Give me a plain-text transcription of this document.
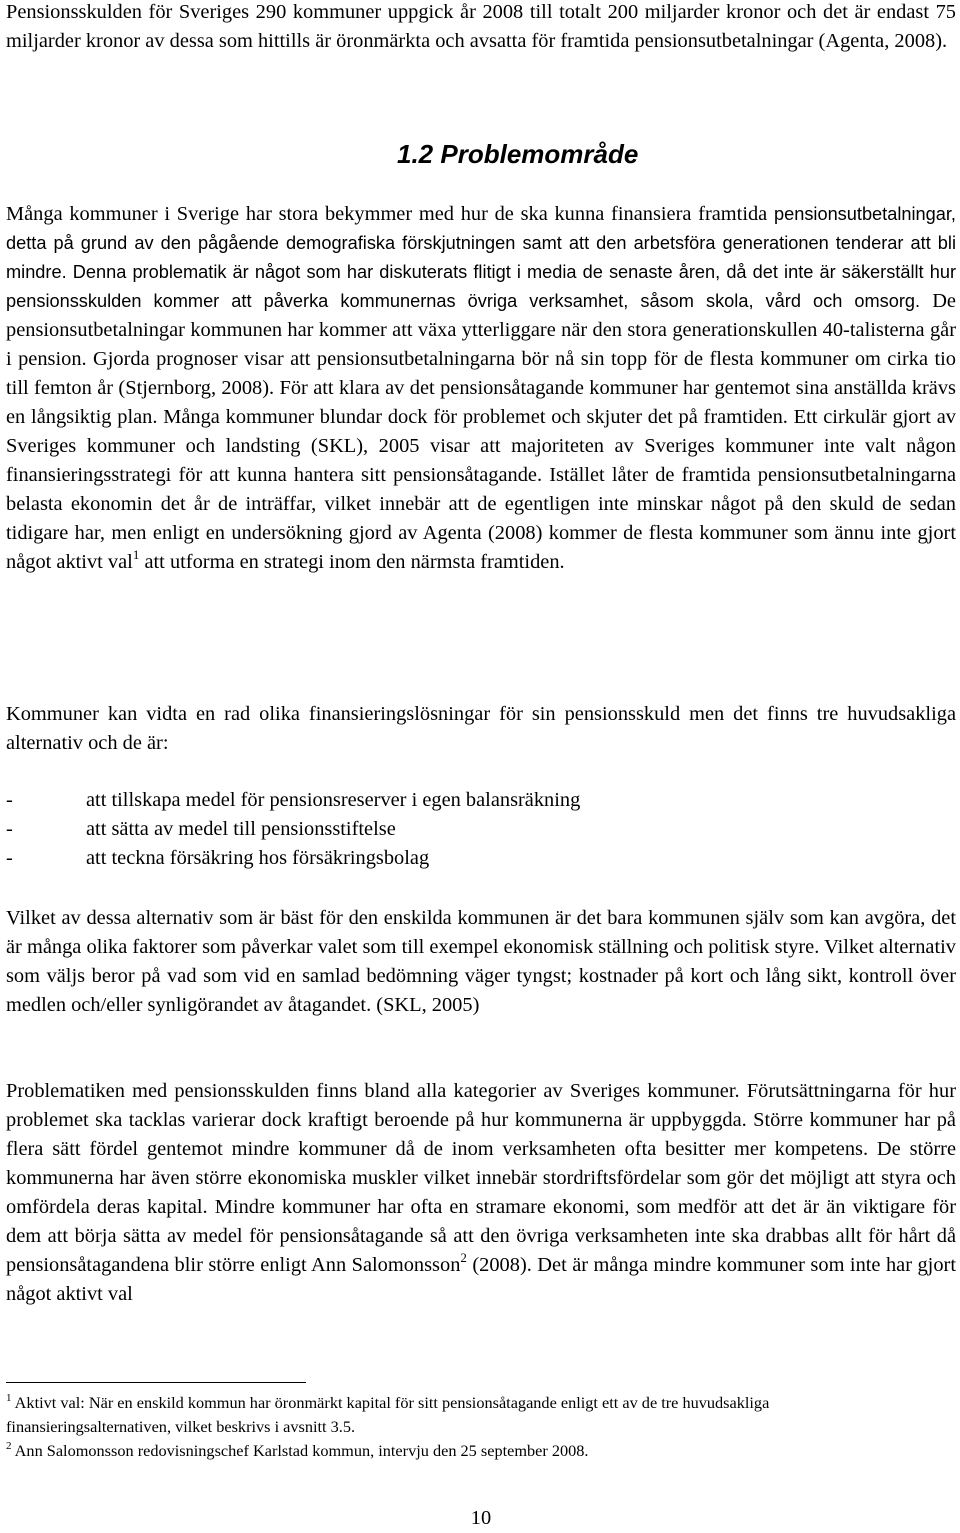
Pensionsskulden för Sveriges 290 kommuner uppgick år 2008 till totalt 200 miljarder kronor och det är endast 75 miljarder kronor av dessa som hittills är öronmärkta och avsatta för framtida pensionsutbetalningar (Agenta, 2008).

1.2 Problemområde

Många kommuner i Sverige har stora bekymmer med hur de ska kunna finansiera framtida pensionsutbetalningar, detta på grund av den pågående demografiska förskjutningen samt att den arbetsföra generationen tenderar att bli mindre. Denna problematik är något som har diskuterats flitigt i media de senaste åren, då det inte är säkerställt hur pensionsskulden kommer att påverka kommunernas övriga verksamhet, såsom skola, vård och omsorg. De pensionsutbetalningar kommunen har kommer att växa ytterliggare när den stora generationskullen 40-talisterna går i pension. Gjorda prognoser visar att pensionsutbetalningarna bör nå sin topp för de flesta kommuner om cirka tio till femton år (Stjernborg, 2008). För att klara av det pensionsåtagande kommuner har gentemot sina anställda krävs en långsiktig plan. Många kommuner blundar dock för problemet och skjuter det på framtiden. Ett cirkulär gjort av Sveriges kommuner och landsting (SKL), 2005 visar att majoriteten av Sveriges kommuner inte valt någon finansieringsstrategi för att kunna hantera sitt pensionsåtagande. Istället låter de framtida pensionsutbetalningarna belasta ekonomin det år de inträffar, vilket innebär att de egentligen inte minskar något på den skuld de sedan tidigare har, men enligt en undersökning gjord av Agenta (2008) kommer de flesta kommuner som ännu inte gjort något aktivt val$^1$ att utforma en strategi inom den närmsta framtiden.

Kommuner kan vidta en rad olika finansieringslösningar för sin pensionsskuld men det finns tre huvudsakliga alternativ och de är:

-	att tillskapa medel för pensionsreserver i egen balansräkning
-	att sätta av medel till pensionsstiftelse
-	att teckna försäkring hos försäkringsbolag

Vilket av dessa alternativ som är bäst för den enskilda kommunen är det bara kommunen själv som kan avgöra, det är många olika faktorer som påverkar valet som till exempel ekonomisk ställning och politisk styre. Vilket alternativ som väljs beror på vad som vid en samlad bedömning väger tyngst; kostnader på kort och lång sikt, kontroll över medlen och/eller synligörandet av åtagandet. (SKL, 2005)

Problematiken med pensionsskulden finns bland alla kategorier av Sveriges kommuner. Förutsättningarna för hur problemet ska tacklas varierar dock kraftigt beroende på hur kommunerna är uppbyggda. Större kommuner har på flera sätt fördel gentemot mindre kommuner då de inom verksamheten ofta besitter mer kompetens. De större kommunerna har även större ekonomiska muskler vilket innebär stordriftsfördelar som gör det möjligt att styra och omfördela deras kapital. Mindre kommuner har ofta en stramare ekonomi, som medför att det är än viktigare för dem att börja sätta av medel för pensionsåtagande så att den övriga verksamheten inte ska drabbas allt för hårt då pensionsåtagandena blir större enligt Ann Salomonsson$^2$ (2008). Det är många mindre kommuner som inte har gjort något aktivt val

$^1$ Aktivt val: När en enskild kommun har öronmärkt kapital för sitt pensionsåtagande enligt ett av de tre huvudsakliga finansieringsalternativen, vilket beskrivs i avsnitt 3.5.

$^2$ Ann Salomonsson redovisningschef Karlstad kommun, intervju den 25 september 2008.

10
